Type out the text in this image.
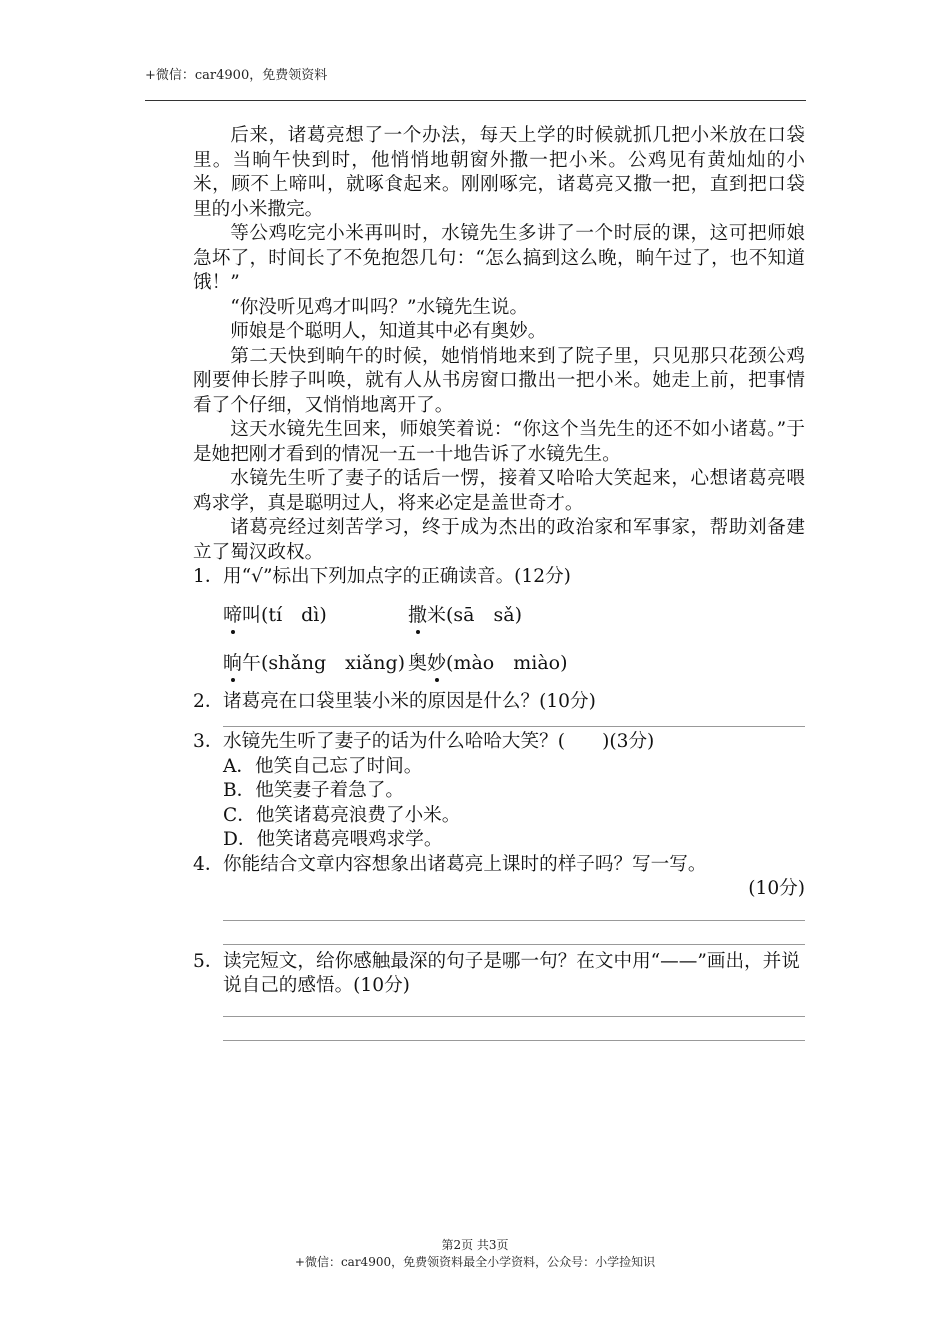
+微信：car4900，免费领资料

后来，诸葛亮想了一个办法，每天上学的时候就抓几把小米放在口袋里。当晌午快到时，他悄悄地朝窗外撒一把小米。公鸡见有黄灿灿的小米，顾不上啼叫，就啄食起来。刚刚啄完，诸葛亮又撒一把，直到把口袋里的小米撒完。

等公鸡吃完小米再叫时，水镜先生多讲了一个时辰的课，这可把师娘急坏了，时间长了不免抱怨几句：“怎么搞到这么晚，晌午过了，也不知道饿！”

“你没听见鸡才叫吗？”水镜先生说。

师娘是个聪明人，知道其中必有奥妙。

第二天快到晌午的时候，她悄悄地来到了院子里，只见那只花颈公鸡刚要伸长脖子叫唤，就有人从书房窗口撒出一把小米。她走上前，把事情看了个仔细，又悄悄地离开了。

这天水镜先生回来，师娘笑着说：“你这个当先生的还不如小诸葛。”于是她把刚才看到的情况一五一十地告诉了水镜先生。

水镜先生听了妻子的话后一愣，接着又哈哈大笑起来，心想诸葛亮喂鸡求学，真是聪明过人，将来必定是盖世奇才。

诸葛亮经过刻苦学习，终于成为杰出的政治家和军事家，帮助刘备建立了蜀汉政权。

1． 用“√”标出下列加点字的正确读音。(12分)

啼叫(tí　dì)	撒米(sā　sǎ)
晌午(shǎng　xiǎng) 奥妙(mào　miào)

2． 诸葛亮在口袋里装小米的原因是什么？(10分)

3． 水镜先生听了妻子的话为什么哈哈大笑？(　　)(3分)

A．他笑自己忘了时间。

B．他笑妻子着急了。

C．他笑诸葛亮浪费了小米。

D．他笑诸葛亮喂鸡求学。

4． 你能结合文章内容想象出诸葛亮上课时的样子吗？写一写。

(10分)

5． 读完短文，给你感触最深的句子是哪一句？在文中用“——”画出，并说说自己的感悟。(10分)

第2页 共3页
+微信：car4900，免费领资料最全小学资料，公众号：小学捡知识
